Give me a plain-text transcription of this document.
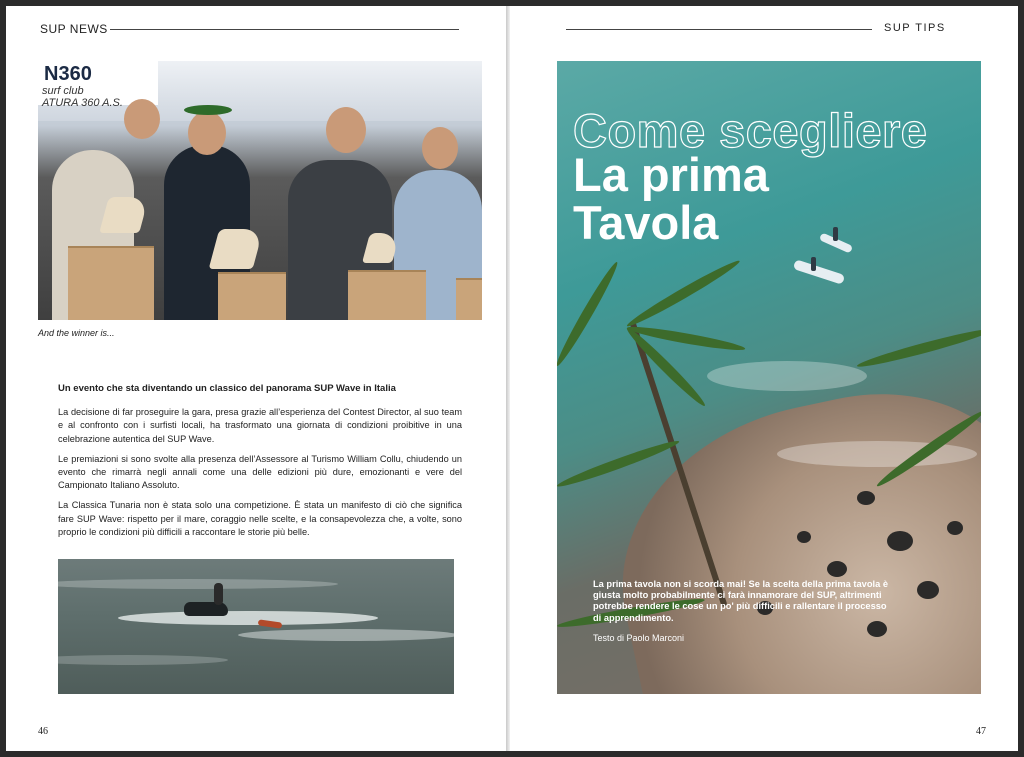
SUP NEWS
N360
surf club
ATURA 360 A.S.
And the winner is...
Un evento che sta diventando un classico del panorama SUP Wave in Italia

La decisione di far proseguire la gara, presa grazie all’esperienza del Contest Director, al suo team e al confronto con i surfisti locali, ha trasformato una giornata di condizioni proibitive in una celebrazione autentica del SUP Wave.

Le premiazioni si sono svolte alla presenza dell’Assessore al Turismo William Collu, chiudendo un evento che rimarrà negli annali come una delle edizioni più dure, emozionanti e vere del Campionato Italiano Assoluto.

La Classica Tunaria non è stata solo una competizione. È stata un manifesto di ciò che significa fare SUP Wave: rispetto per il mare, coraggio nelle scelte, e la consapevolezza che, a volte, sono proprio le condizioni più difficili a raccontare le storie più belle.

46
SUP TIPS
Come scegliere
La prima
Tavola
La prima tavola non si scorda mai! Se la scelta della prima tavola è giusta molto probabilmente ci farà innamorare del SUP, altrimenti potrebbe rendere le cose un po' più difficili e rallentare il processo di apprendimento.
Testo di Paolo Marconi
47
